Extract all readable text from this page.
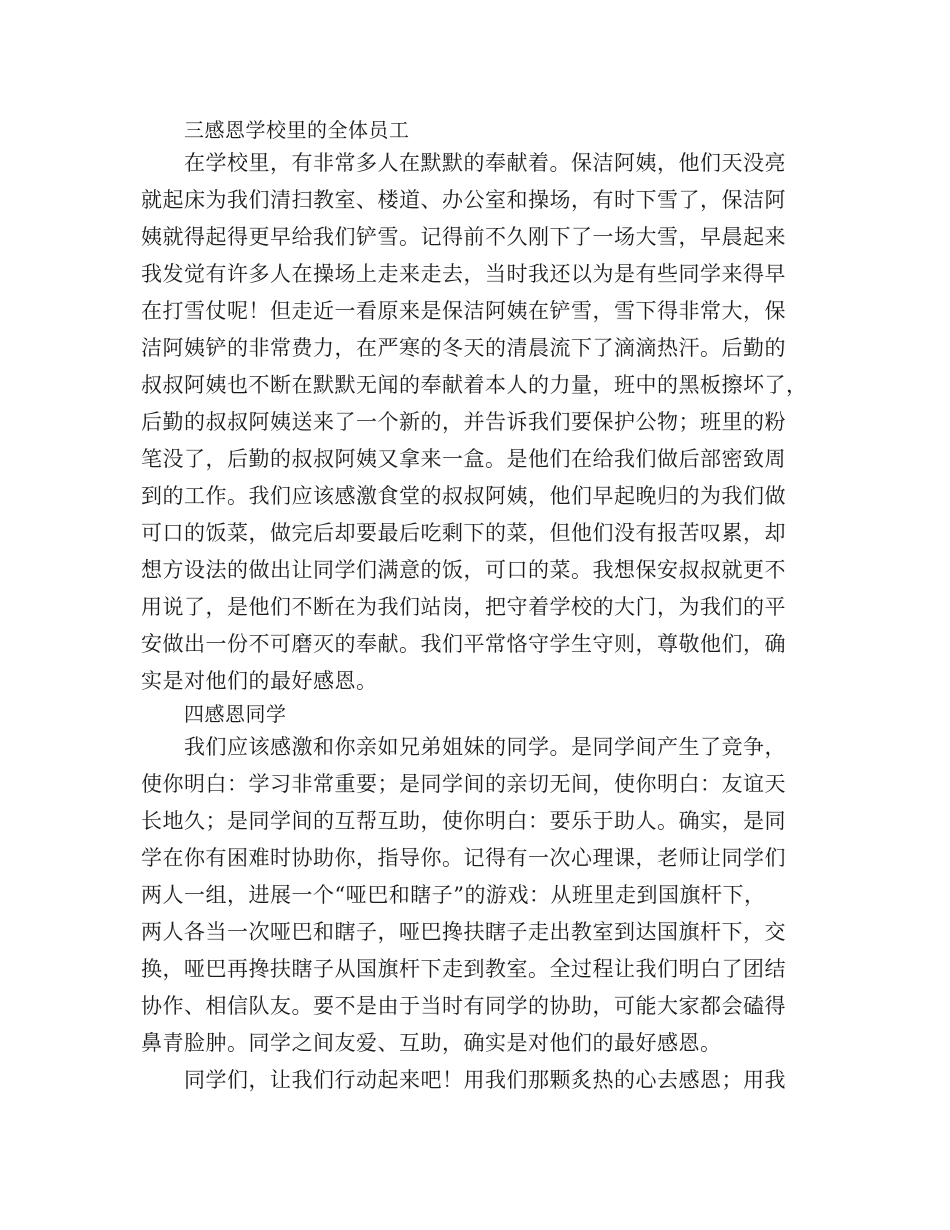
三感恩学校里的全体员工
在学校里，有非常多人在默默的奉献着。保洁阿姨，他们天没亮
就起床为我们清扫教室、楼道、办公室和操场，有时下雪了，保洁阿
姨就得起得更早给我们铲雪。记得前不久刚下了一场大雪，早晨起来
我发觉有许多人在操场上走来走去，当时我还以为是有些同学来得早
在打雪仗呢！但走近一看原来是保洁阿姨在铲雪，雪下得非常大，保
洁阿姨铲的非常费力，在严寒的冬天的清晨流下了滴滴热汗。后勤的
叔叔阿姨也不断在默默无闻的奉献着本人的力量，班中的黑板擦坏了，
后勤的叔叔阿姨送来了一个新的，并告诉我们要保护公物；班里的粉
笔没了，后勤的叔叔阿姨又拿来一盒。是他们在给我们做后部密致周
到的工作。我们应该感激食堂的叔叔阿姨，他们早起晚归的为我们做
可口的饭菜，做完后却要最后吃剩下的菜，但他们没有报苦叹累，却
想方设法的做出让同学们满意的饭，可口的菜。我想保安叔叔就更不
用说了，是他们不断在为我们站岗，把守着学校的大门，为我们的平
安做出一份不可磨灭的奉献。我们平常恪守学生守则，尊敬他们，确
实是对他们的最好感恩。
四感恩同学
我们应该感激和你亲如兄弟姐妹的同学。是同学间产生了竞争，
使你明白：学习非常重要；是同学间的亲切无间，使你明白：友谊天
长地久；是同学间的互帮互助，使你明白：要乐于助人。确实，是同
学在你有困难时协助你，指导你。记得有一次心理课，老师让同学们
两人一组，进展一个“哑巴和瞎子”的游戏：从班里走到国旗杆下，
两人各当一次哑巴和瞎子，哑巴搀扶瞎子走出教室到达国旗杆下，交
换，哑巴再搀扶瞎子从国旗杆下走到教室。全过程让我们明白了团结
协作、相信队友。要不是由于当时有同学的协助，可能大家都会磕得
鼻青脸肿。同学之间友爱、互助，确实是对他们的最好感恩。
同学们，让我们行动起来吧！用我们那颗炙热的心去感恩；用我
